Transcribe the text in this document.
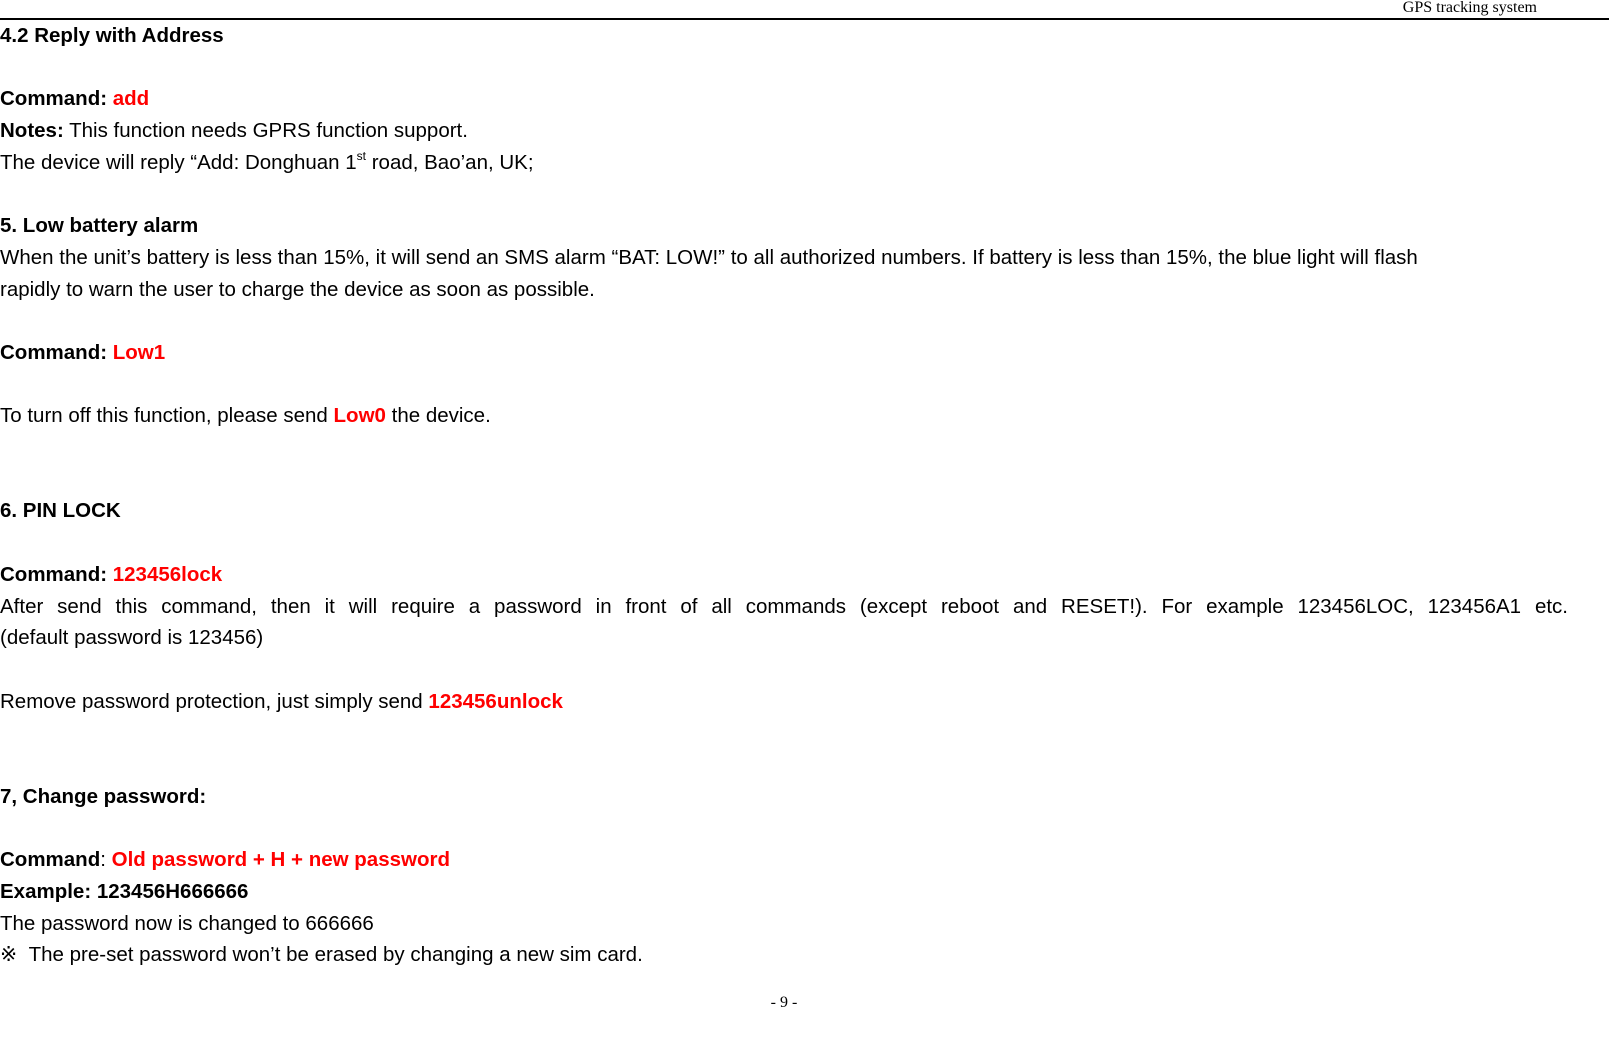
GPS tracking system
4.2 Reply with Address
Command: add
Notes: This function needs GPRS function support.
The device will reply “Add: Donghuan 1st road, Bao’an, UK;
5. Low battery alarm
When the unit’s battery is less than 15%, it will send an SMS alarm “BAT: LOW!” to all authorized numbers. If battery is less than 15%, the blue light will flash
rapidly to warn the user to charge the device as soon as possible.
Command: Low1
To turn off this function, please send Low0 the device.
6. PIN LOCK
Command: 123456lock
After send this command, then it will require a password in front of all commands (except reboot and RESET!). For example 123456LOC, 123456A1 etc.
(default password is 123456)
Remove password protection, just simply send 123456unlock
7, Change password:
Command: Old password + H + new password
Example: 123456H666666
The password now is changed to 666666
※ The pre-set password won’t be erased by changing a new sim card.
- 9 -
